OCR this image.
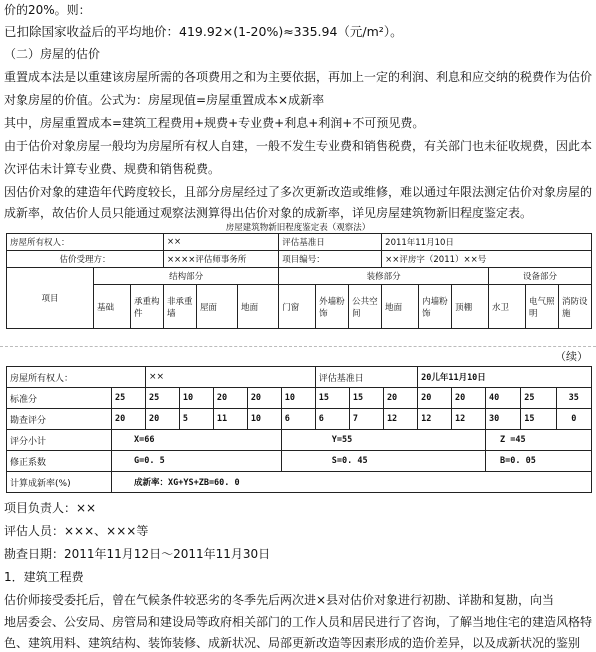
价的20%。则：
已扣除国家收益后的平均地价：419.92×(1-20%)≈335.94（元/m²）。
（二）房屋的估价
重置成本法是以重建该房屋所需的各项费用之和为主要依据，再加上一定的利润、利息和应交纳的税费作为估价
对象房屋的价值。公式为：房屋现值=房屋重置成本×成新率
其中，房屋重置成本=建筑工程费用+规费+专业费+利息+利润+不可预见费。
由于估价对象房屋一般均为房屋所有权人自建，一般不发生专业费和销售税费，有关部门也未征收规费，因此本
次评估未计算专业费、规费和销售税费。
因估价对象的建造年代跨度较长，且部分房屋经过了多次更新改造或维修，难以通过年限法测定估价对象房屋的
成新率，故估价人员只能通过观察法测算得出估价对象的成新率，详见房屋建筑物新旧程度鉴定表。
房屋建筑物新旧程度鉴定表（观察法）
房屋所有权人：			××			评估基准日			2011年11月10日					
估价受理方：			××××评估师事务所			项目编号：			××评房字（2011）××号					
项目	结构部分					装修部分						设备部分		
	基础	承重构件	非承重墙	屋面	地面	门窗	外墙粉饰	公共空间	地面	内墙粉饰	顶棚	水卫	电气照明	消防设施
（续）
房屋所有权人：		××					评估基准日			20儿年11月10日				
标准分	25	25	10	20	20	10	15	15	20	20	20	40	25	35
勘查评分	20	20	5	11	10	6	6	7	12	12	12	30	15	0
评分小计	X=66					Y=55						Z =45		
修正系数	G=0. 5					S=0. 45						B=0. 05		
计算成新率(%)	成新率：XG+YS+ZB=60. 0													
项目负责人：××
评估人员：×××、×××等
勘查日期：2011年11月12日～2011年11月30日
1．建筑工程费
估价师接受委托后，曾在气候条件较恶劣的冬季先后两次进×县对估价对象进行初勘、详勘和复勘，向当
地居委会、公安局、房管局和建设局等政府相关部门的工作人员和居民进行了咨询，了解当地住宅的建造风格特
色、建筑用料、建筑结构、装饰装修、成新状况、局部更新改造等因素形成的造价差异，以及成新状况的鉴别
